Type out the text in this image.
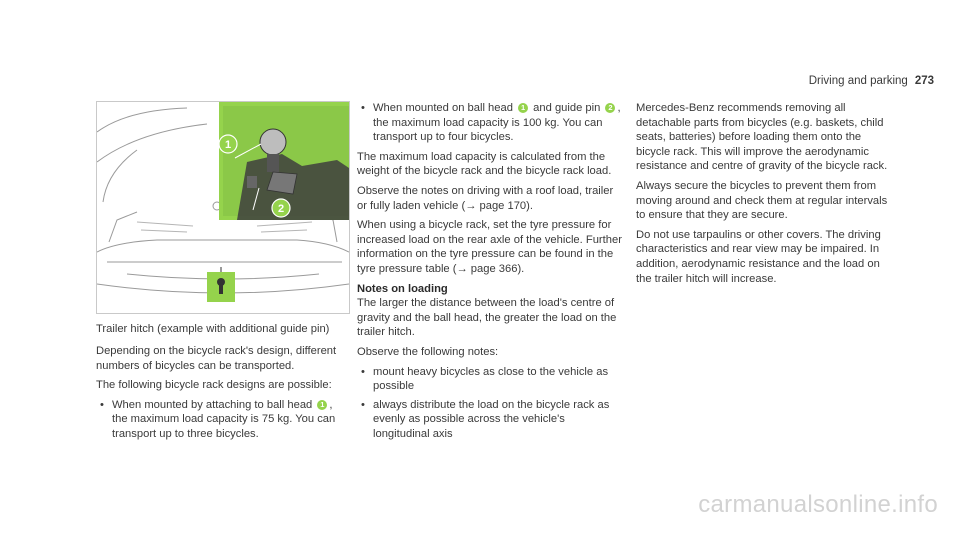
Driving and parking 273
1
2
Trailer hitch (example with additional guide pin)

Depending on the bicycle rack's design, different numbers of bicycles can be transported.

The following bicycle rack designs are possible:

• When mounted by attaching to ball head 1 , the maximum load capacity is 75 kg. You can transport up to three bicycles.
• When mounted on ball head 1 and guide pin 2 , the maximum load capacity is 100 kg. You can transport up to four bicycles.

The maximum load capacity is calculated from the weight of the bicycle rack and the bicycle rack load.

Observe the notes on driving with a roof load, trailer or fully laden vehicle (→ page 170).

When using a bicycle rack, set the tyre pressure for increased load on the rear axle of the vehicle. Further information on the tyre pressure can be found in the tyre pressure table (→ page 366).

Notes on loading

The larger the distance between the load's centre of gravity and the ball head, the greater the load on the trailer hitch.

Observe the following notes:

• mount heavy bicycles as close to the vehicle as possible
• always distribute the load on the bicycle rack as evenly as possible across the vehicle's longitudinal axis

Mercedes-Benz recommends removing all detachable parts from bicycles (e.g. baskets, child seats, batteries) before loading them onto the bicycle rack. This will improve the aerodynamic resistance and centre of gravity of the bicycle rack.

Always secure the bicycles to prevent them from moving around and check them at regular intervals to ensure that they are secure.

Do not use tarpaulins or other covers. The driving characteristics and rear view may be impaired. In addition, aerodynamic resistance and the load on the trailer hitch will increase.

carmanualsonline.info
